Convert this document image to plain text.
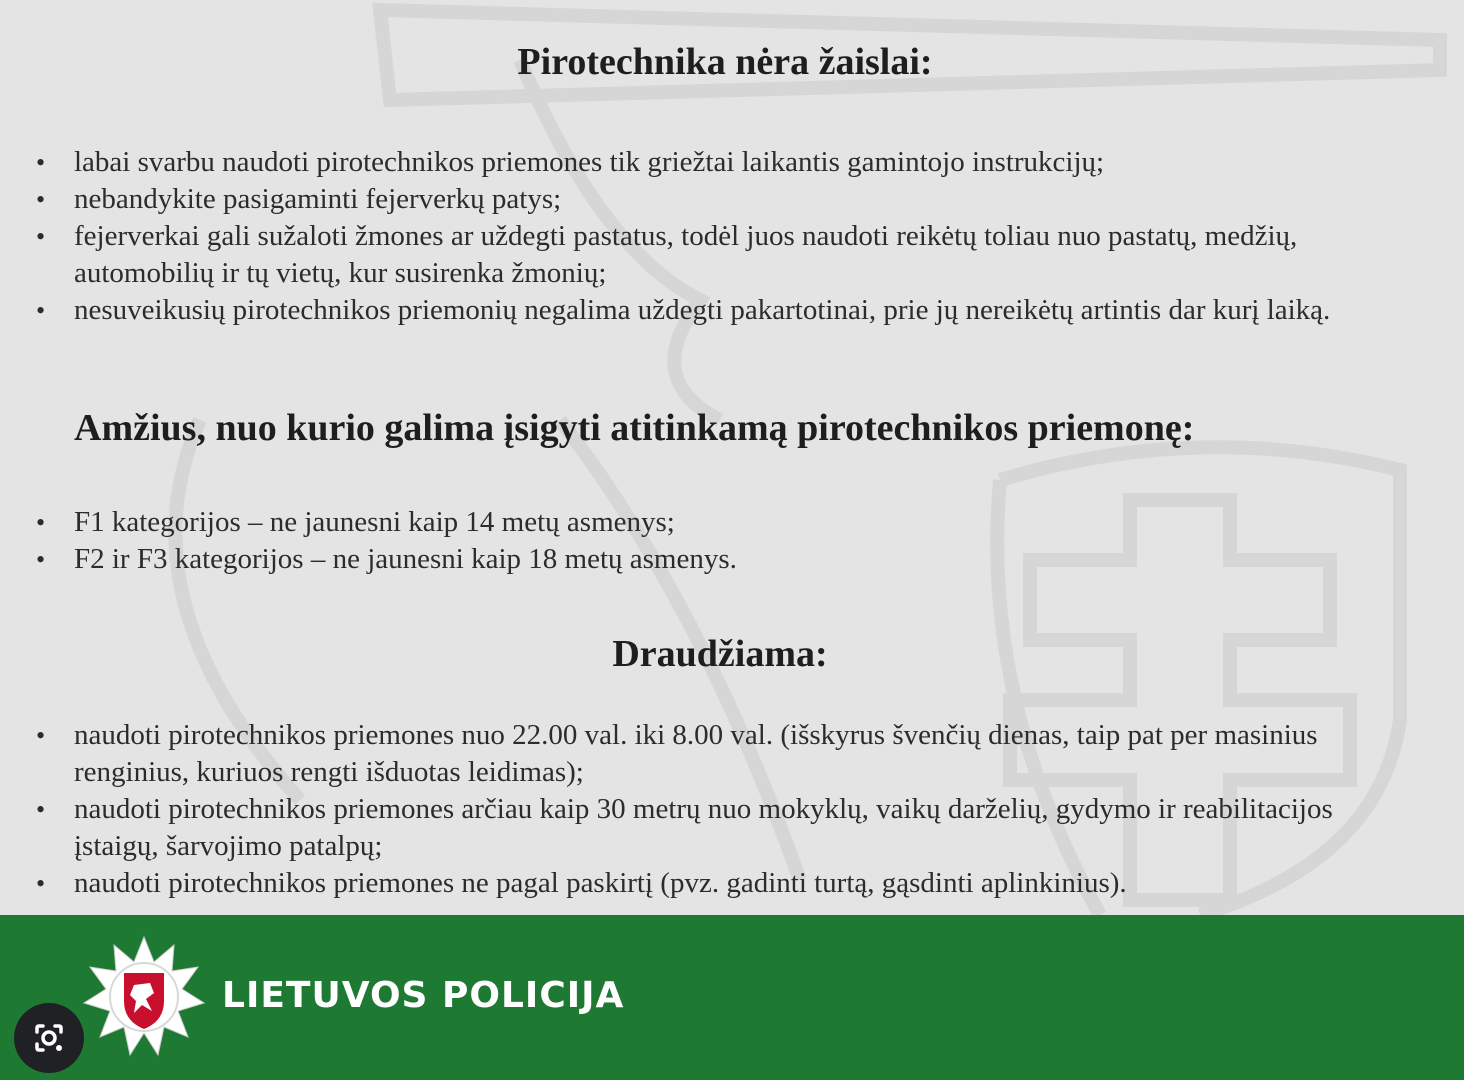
Pirotechnika nėra žaislai:
• labai svarbu naudoti pirotechnikos priemones tik griežtai laikantis gamintojo instrukcijų;
• nebandykite pasigaminti fejerverkų patys;
• fejerverkai gali sužaloti žmones ar uždegti pastatus, todėl juos naudoti reikėtų toliau nuo pastatų, medžių, automobilių ir tų vietų, kur susirenka žmonių;
• nesuveikusių pirotechnikos priemonių negalima uždegti pakartotinai, prie jų nereikėtų artintis dar kurį laiką.
Amžius, nuo kurio galima įsigyti atitinkamą pirotechnikos priemonę:
• F1 kategorijos – ne jaunesni kaip 14 metų asmenys;
• F2 ir F3 kategorijos – ne jaunesni kaip 18 metų asmenys.
Draudžiama:
• naudoti pirotechnikos priemones nuo 22.00 val. iki 8.00 val. (išskyrus švenčių dienas, taip pat per masinius renginius, kuriuos rengti išduotas leidimas);
• naudoti pirotechnikos priemones arčiau kaip 30 metrų nuo mokyklų, vaikų darželių, gydymo ir reabilitacijos įstaigų, šarvojimo patalpų;
• naudoti pirotechnikos priemones ne pagal paskirtį (pvz. gadinti turtą, gąsdinti aplinkinius).
LIETUVOS POLICIJA
